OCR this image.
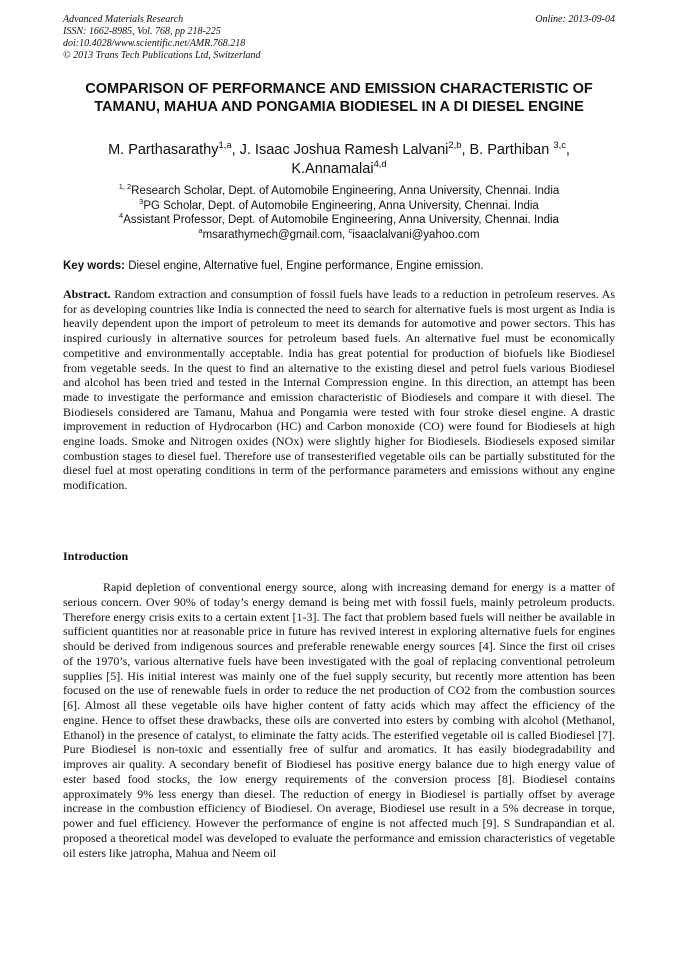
Advanced Materials Research
ISSN: 1662-8985, Vol. 768, pp 218-225
doi:10.4028/www.scientific.net/AMR.768.218
© 2013 Trans Tech Publications Ltd, Switzerland
Online: 2013-09-04
COMPARISON OF PERFORMANCE AND EMISSION CHARACTERISTIC OF TAMANU, MAHUA AND PONGAMIA BIODIESEL IN A DI DIESEL ENGINE
M. Parthasarathy$^{1,a}$, J. Isaac Joshua Ramesh Lalvani$^{2,b}$, B. Parthiban $^{3,c}$,
K.Annamalai$^{4,d}$
$^{1, 2}$Research Scholar, Dept. of Automobile Engineering, Anna University, Chennai. India
$^3$PG Scholar, Dept. of Automobile Engineering, Anna University, Chennai. India
$^4$Assistant Professor, Dept. of Automobile Engineering, Anna University, Chennai. India
$^a$msarathymech@gmail.com, $^c$isaaclalvani@yahoo.com
Key words: Diesel engine, Alternative fuel, Engine performance, Engine emission.
Abstract. Random extraction and consumption of fossil fuels have leads to a reduction in petroleum reserves. As for as developing countries like India is connected the need to search for alternative fuels is most urgent as India is heavily dependent upon the import of petroleum to meet its demands for automotive and power sectors. This has inspired curiously in alternative sources for petroleum based fuels. An alternative fuel must be economically competitive and environmentally acceptable. India has great potential for production of biofuels like Biodiesel from vegetable seeds. In the quest to find an alternative to the existing diesel and petrol fuels various Biodiesel and alcohol has been tried and tested in the Internal Compression engine. In this direction, an attempt has been made to investigate the performance and emission characteristic of Biodiesels and compare it with diesel. The Biodiesels considered are Tamanu, Mahua and Pongamia were tested with four stroke diesel engine. A drastic improvement in reduction of Hydrocarbon (HC) and Carbon monoxide (CO) were found for Biodiesels at high engine loads. Smoke and Nitrogen oxides (NOx) were slightly higher for Biodiesels. Biodiesels exposed similar combustion stages to diesel fuel. Therefore use of transesterified vegetable oils can be partially substituted for the diesel fuel at most operating conditions in term of the performance parameters and emissions without any engine modification.
Introduction
Rapid depletion of conventional energy source, along with increasing demand for energy is a matter of serious concern. Over 90% of today’s energy demand is being met with fossil fuels, mainly petroleum products. Therefore energy crisis exits to a certain extent [1-3]. The fact that problem based fuels will neither be available in sufficient quantities nor at reasonable price in future has revived interest in exploring alternative fuels for engines should be derived from indigenous sources and preferable renewable energy sources [4]. Since the first oil crises of the 1970’s, various alternative fuels have been investigated with the goal of replacing conventional petroleum supplies [5]. His initial interest was mainly one of the fuel supply security, but recently more attention has been focused on the use of renewable fuels in order to reduce the net production of CO2 from the combustion sources [6]. Almost all these vegetable oils have higher content of fatty acids which may affect the efficiency of the engine. Hence to offset these drawbacks, these oils are converted into esters by combing with alcohol (Methanol, Ethanol) in the presence of catalyst, to eliminate the fatty acids. The esterified vegetable oil is called Biodiesel [7]. Pure Biodiesel is non-toxic and essentially free of sulfur and aromatics. It has easily biodegradability and improves air quality. A secondary benefit of Biodiesel has positive energy balance due to high energy value of ester based food stocks, the low energy requirements of the conversion process [8]. Biodiesel contains approximately 9% less energy than diesel. The reduction of energy in Biodiesel is partially offset by average increase in the combustion efficiency of Biodiesel. On average, Biodiesel use result in a 5% decrease in torque, power and fuel efficiency. However the performance of engine is not affected much [9]. S Sundrapandian et al. proposed a theoretical model was developed to evaluate the performance and emission characteristics of vegetable oil esters like jatropha, Mahua and Neem oil
